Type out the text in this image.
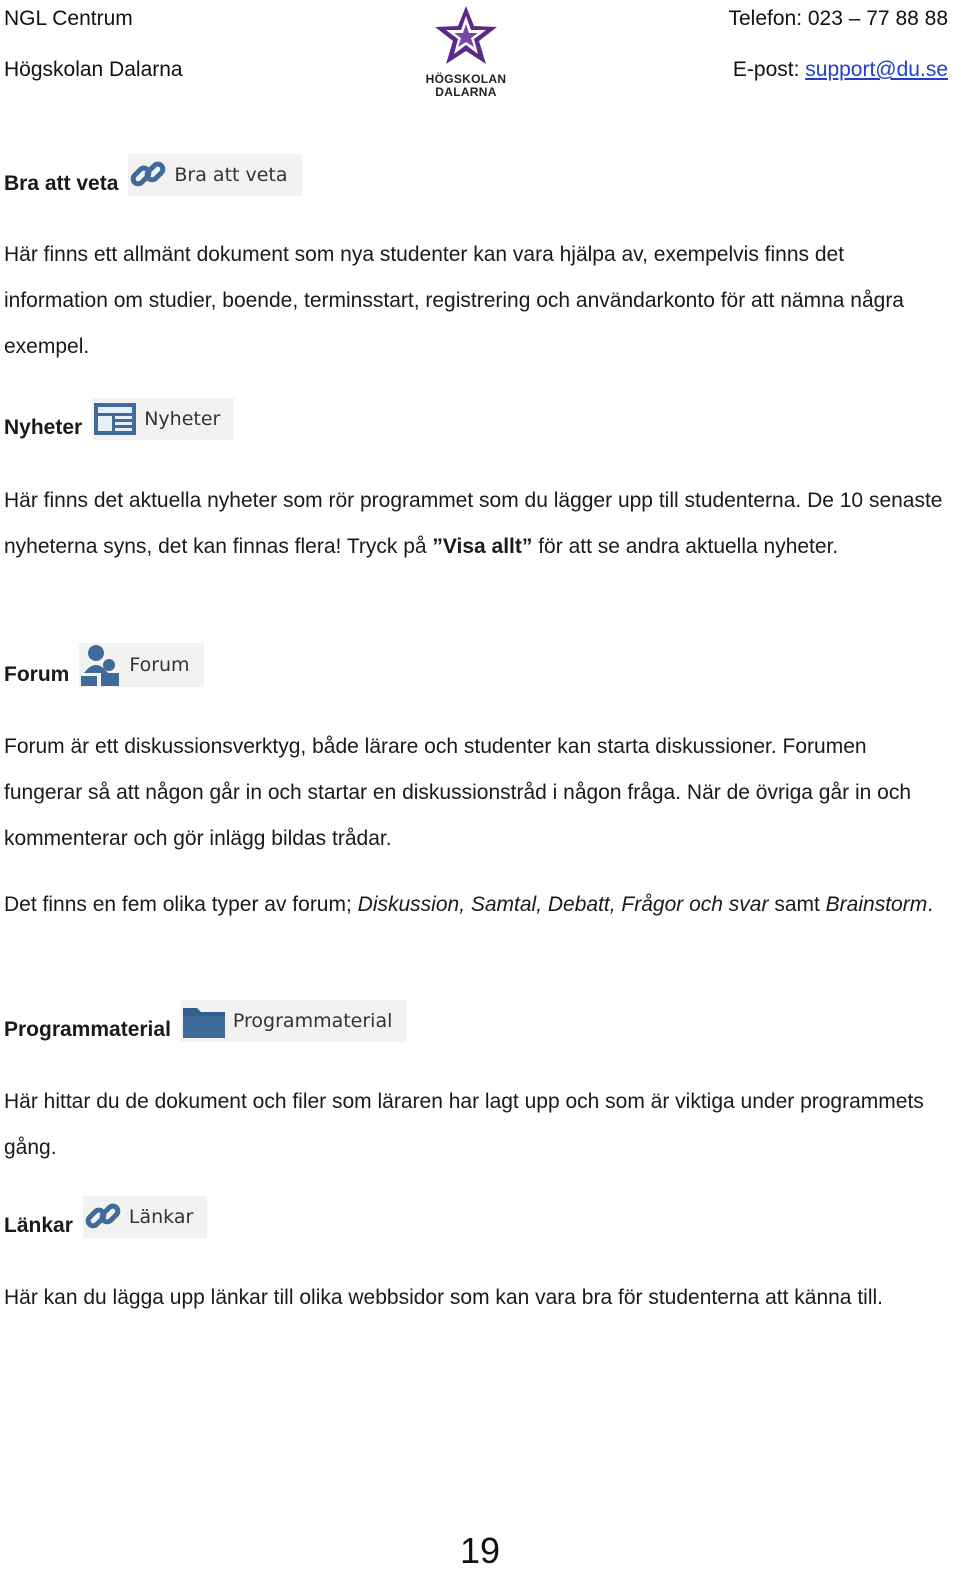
NGL Centrum
Högskolan Dalarna	HÖGSKOLAN
DALARNA
Telefon: 023 – 77 88 88
E-post: support@du.se
Bra att veta	Bra att veta
Här finns ett allmänt dokument som nya studenter kan vara hjälpa av, exempelvis finns det information om studier, boende, terminsstart, registrering och användarkonto för att nämna några exempel.
Nyheter	Nyheter
Här finns det aktuella nyheter som rör programmet som du lägger upp till studenterna. De 10 senaste nyheterna syns, det kan finnas flera! Tryck på ”Visa allt” för att se andra aktuella nyheter.
Forum	Forum
Forum är ett diskussionsverktyg, både lärare och studenter kan starta diskussioner. Forumen fungerar så att någon går in och startar en diskussionstråd i någon fråga. När de övriga går in och kommenterar och gör inlägg bildas trådar.
Det finns en fem olika typer av forum; Diskussion, Samtal, Debatt, Frågor och svar samt Brainstorm.
Programmaterial	Programmaterial
Här hittar du de dokument och filer som läraren har lagt upp och som är viktiga under programmets gång.
Länkar	Länkar
Här kan du lägga upp länkar till olika webbsidor som kan vara bra för studenterna att känna till.
19
